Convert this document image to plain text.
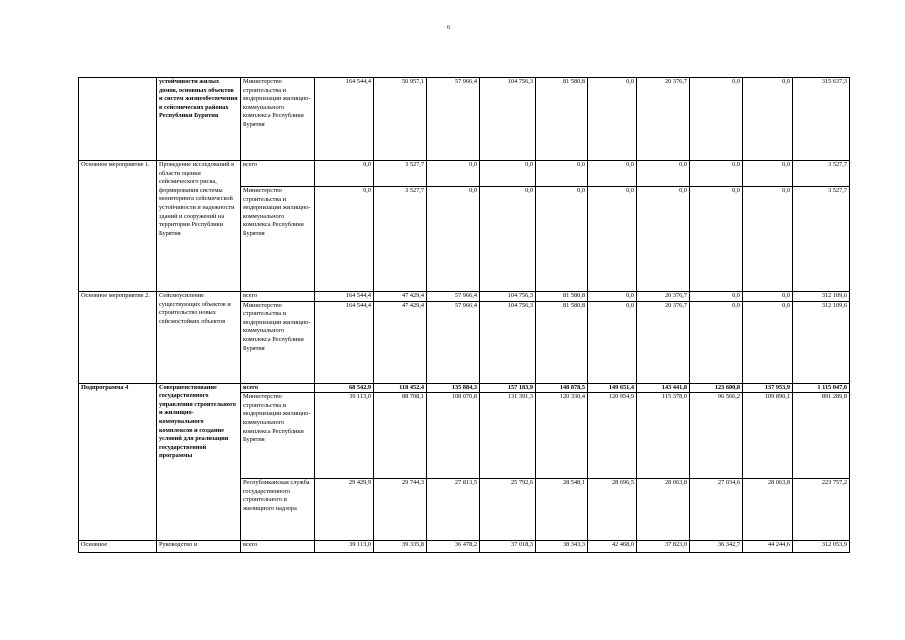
6
	устойчивости жилых домов, основных объектов и систем жизнеобеспечения в сейсмических районах Республики Бурятия	Министерство строительства и модернизации жилищно-коммунального комплекса Республики Бурятия	164 544,4	50 957,1	57 966,4	104 756,3	81 580,8	0,0	20 376,7	0,0	0,0	315 637,3
Основное мероприятие 1.	Проведение исследований в области оценки сейсмического риска, формирования системы мониторинга сейсмической устойчивости и надежности зданий и сооружений на территории Республики Бурятия	всего	0,0	3 527,7	0,0	0,0	0,0	0,0	0,0	0,0	0,0	3 527,7
		Министерство строительства и модернизации жилищно-коммунального комплекса Республики Бурятия	0,0	3 527,7	0,0	0,0	0,0	0,0	0,0	0,0	0,0	3 527,7
Основное мероприятие 2.	Сейсмоусиление существующих объектов и строительство новых сейсмостойких объектов	всего	164 544,4	47 429,4	57 966,4	104 756,3	81 580,8	0,0	20 376,7	0,0	0,0	312 109,6
		Министерство строительства и модернизации жилищно-коммунального комплекса Республики Бурятия	164 544,4	47 429,4	57 966,4	104 756,3	81 580,8	0,0	20 376,7	0,0	0,0	312 109,6
Подпрограмма 4	Совершенствование государственного управления строительного и жилищно-коммунального комплексов и создание условий для реализации государственной программы	всего	68 542,9	118 452,4	135 884,3	157 183,9	148 878,5	149 651,4	143 441,8	123 600,8	137 953,9	1 115 047,0
		Министерство строительства и модернизации жилищно-коммунального комплекса Республики Бурятия	39 113,0	88 708,1	108 070,8	131 391,3	120 330,4	120 954,9	115 378,0	96 566,2	109 890,1	891 289,8
		Республиканская служба государственного строительного и жилищного надзора	29 429,9	29 744,3	27 813,5	25 792,6	28 548,1	28 696,5	28 063,8	27 034,6	28 063,8	223 757,2
Основное	Руководство и	всего	39 113,0	39 335,8	36 478,2	37 018,3	38 343,3	42 468,0	37 823,0	36 342,7	44 244,6	312 053,9
